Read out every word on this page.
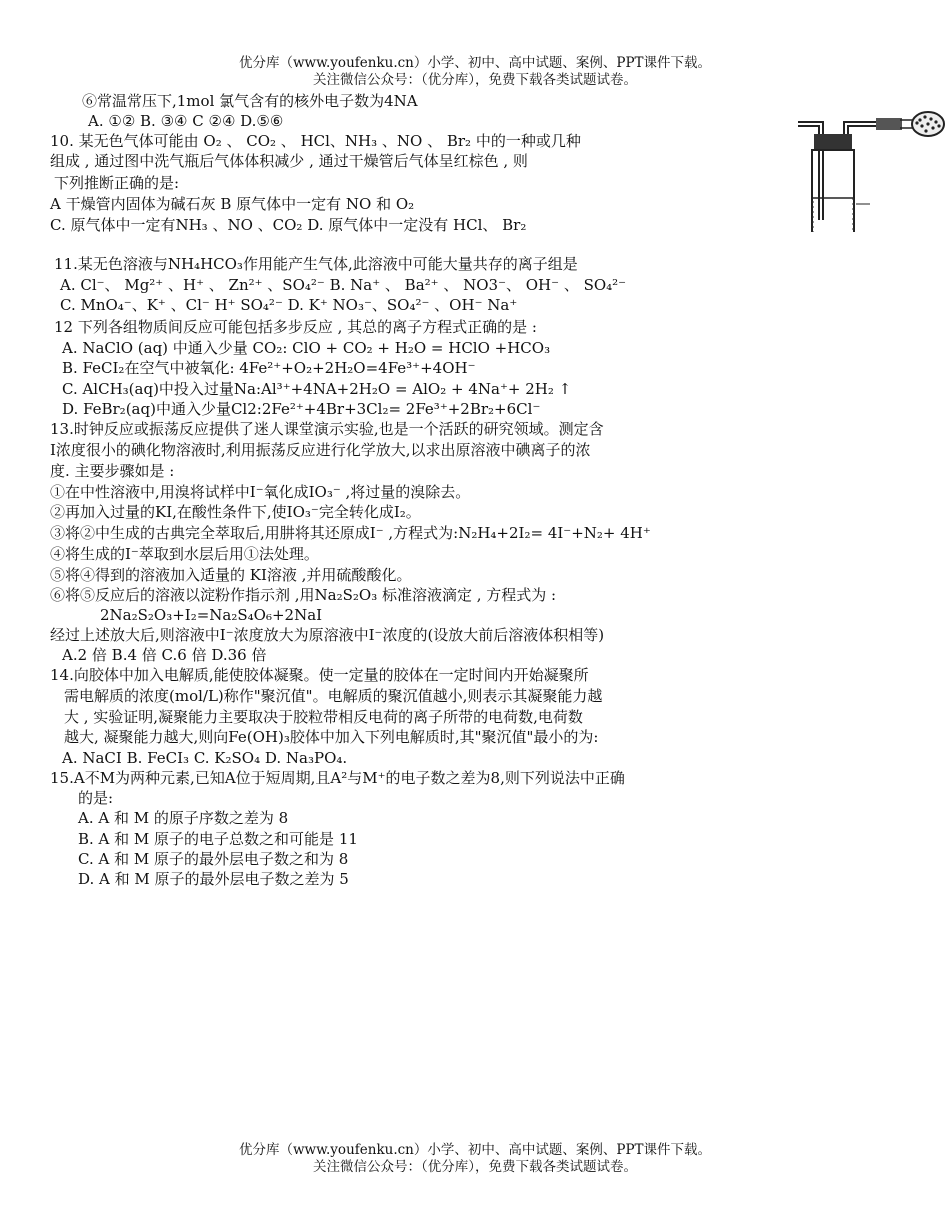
优分库（www.youfenku.cn）小学、初中、高中试题、案例、PPT课件下载。
关注微信公众号：（优分库），免费下载各类试题试卷。
⑥常温常压下,1mol 氯气含有的核外电子数为4NA
A. ①② B. ③④ C ②④ D.⑤⑥
10. 某无色气体可能由 O₂ 、 CO₂ 、 HCl、NH₃ 、NO 、 Br₂ 中的一种或几种
组成 , 通过图中洗气瓶后气体体积减少 , 通过干燥管后气体呈红棕色 , 则
下列推断正确的是:
A 干燥管内固体为碱石灰 B 原气体中一定有 NO 和 O₂
C. 原气体中一定有NH₃ 、NO 、CO₂ D. 原气体中一定没有 HCl、 Br₂
11.某无色溶液与NH₄HCO₃作用能产生气体,此溶液中可能大量共存的离子组是
A. Cl⁻、 Mg²⁺ 、H⁺ 、 Zn²⁺ 、SO₄²⁻ B. Na⁺ 、 Ba²⁺ 、 NO3⁻、 OH⁻ 、 SO₄²⁻
C. MnO₄⁻、K⁺ 、Cl⁻ H⁺ SO₄²⁻ D. K⁺ NO₃⁻、SO₄²⁻ 、OH⁻ Na⁺
12 下列各组物质间反应可能包括多步反应 , 其总的离子方程式正确的是 :
A. NaClO (aq) 中通入少量 CO₂: ClO + CO₂ + H₂O = HClO +HCO₃
B. FeCI₂在空气中被氧化: 4Fe²⁺+O₂+2H₂O=4Fe³⁺+4OH⁻
C. AlCH₃(aq)中投入过量Na:Al³⁺+4NA+2H₂O = AlO₂ + 4Na⁺+ 2H₂ ↑
D. FeBr₂(aq)中通入少量Cl2:2Fe²⁺+4Br+3Cl₂= 2Fe³⁺+2Br₂+6Cl⁻
13.时钟反应或振荡反应提供了迷人课堂演示实验,也是一个活跃的研究领域。测定含
I浓度很小的碘化物溶液时,利用振荡反应进行化学放大,以求出原溶液中碘离子的浓
度. 主要步骤如是 :
①在中性溶液中,用溴将试样中I⁻氧化成IO₃⁻ ,将过量的溴除去。
②再加入过量的KI,在酸性条件下,使IO₃⁻完全转化成I₂。
③将②中生成的古典完全萃取后,用肼将其还原成I⁻ ,方程式为:N₂H₄+2I₂= 4I⁻+N₂+ 4H⁺
④将生成的I⁻萃取到水层后用①法处理。
⑤将④得到的溶液加入适量的 KI溶液 ,并用硫酸酸化。
⑥将⑤反应后的溶液以淀粉作指示剂 ,用Na₂S₂O₃ 标准溶液滴定 , 方程式为 :
2Na₂S₂O₃+I₂=Na₂S₄O₆+2NaI
经过上述放大后,则溶液中I⁻浓度放大为原溶液中I⁻浓度的(设放大前后溶液体积相等)
A.2 倍 B.4 倍 C.6 倍 D.36 倍
14.向胶体中加入电解质,能使胶体凝聚。使一定量的胶体在一定时间内开始凝聚所
需电解质的浓度(mol/L)称作"聚沉值"。电解质的聚沉值越小,则表示其凝聚能力越
大 , 实验证明,凝聚能力主要取决于胶粒带相反电荷的离子所带的电荷数,电荷数
越大, 凝聚能力越大,则向Fe(OH)₃胶体中加入下列电解质时,其"聚沉值"最小的为:
A. NaCI B. FeCI₃ C. K₂SO₄ D. Na₃PO₄.
15.A不M为两种元素,已知A位于短周期,且A²与M⁺的电子数之差为8,则下列说法中正确
的是:
A. A 和 M 的原子序数之差为 8
B. A 和 M 原子的电子总数之和可能是 11
C. A 和 M 原子的最外层电子数之和为 8
D. A 和 M 原子的最外层电子数之差为 5
优分库（www.youfenku.cn）小学、初中、高中试题、案例、PPT课件下载。
关注微信公众号：（优分库），免费下载各类试题试卷。
